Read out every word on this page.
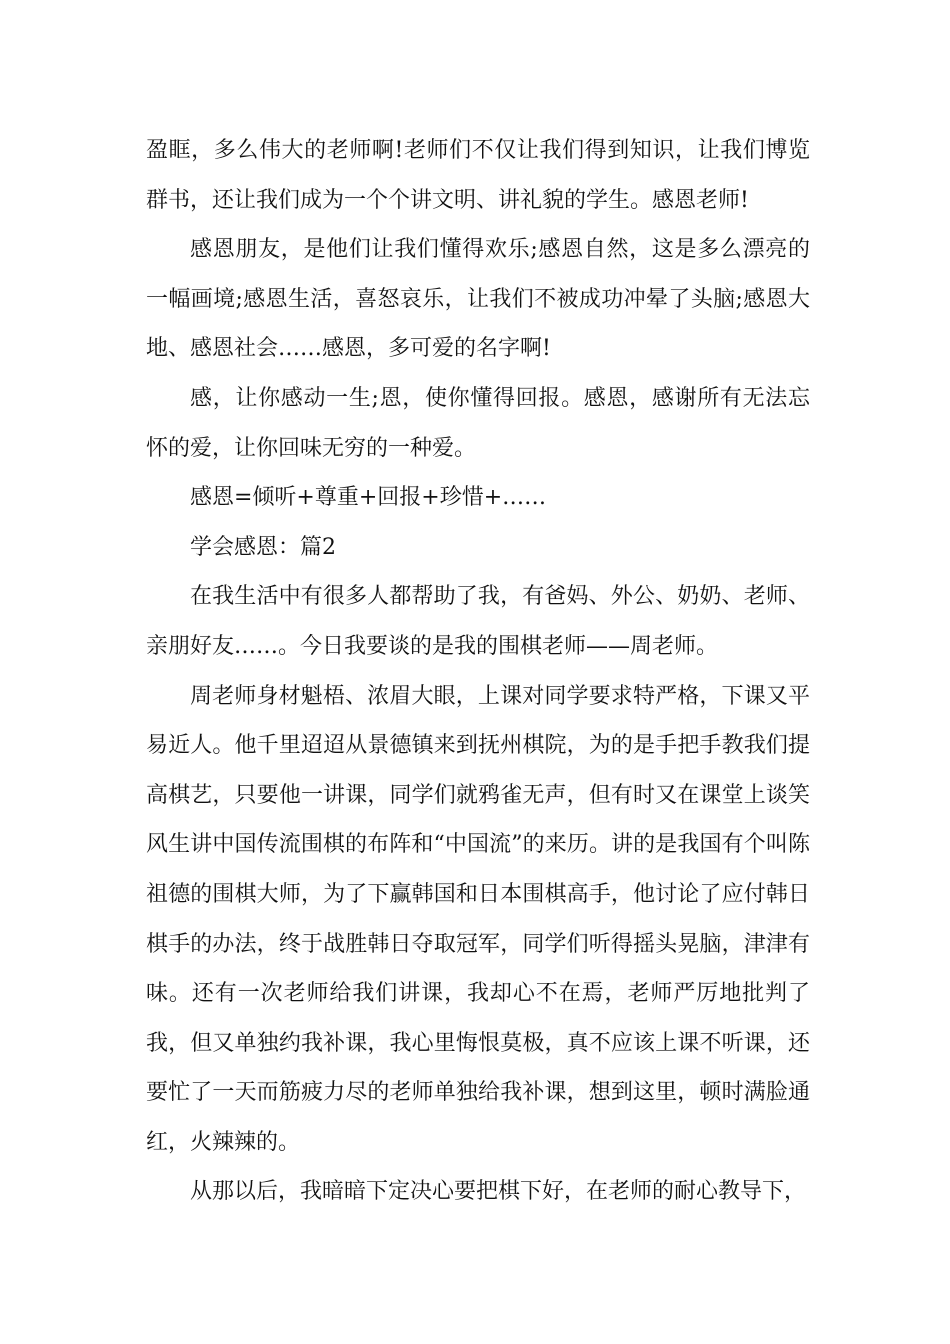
盈眶，多么伟大的老师啊!老师们不仅让我们得到知识，让我们博览群书，还让我们成为一个个讲文明、讲礼貌的学生。感恩老师!

感恩朋友，是他们让我们懂得欢乐;感恩自然，这是多么漂亮的一幅画境;感恩生活，喜怒哀乐，让我们不被成功冲晕了头脑;感恩大地、感恩社会……感恩，多可爱的名字啊!

感，让你感动一生;恩，使你懂得回报。感恩，感谢所有无法忘怀的爱，让你回味无穷的一种爱。

感恩=倾听+尊重+回报+珍惜+……

学会感恩：篇2

在我生活中有很多人都帮助了我，有爸妈、外公、奶奶、老师、亲朋好友……。今日我要谈的是我的围棋老师——周老师。

周老师身材魁梧、浓眉大眼，上课对同学要求特严格，下课又平易近人。他千里迢迢从景德镇来到抚州棋院，为的是手把手教我们提高棋艺，只要他一讲课，同学们就鸦雀无声，但有时又在课堂上谈笑风生讲中国传流围棋的布阵和“中国流”的来历。讲的是我国有个叫陈祖德的围棋大师，为了下赢韩国和日本围棋高手，他讨论了应付韩日棋手的办法，终于战胜韩日夺取冠军，同学们听得摇头晃脑，津津有味。还有一次老师给我们讲课，我却心不在焉，老师严厉地批判了我，但又单独约我补课，我心里悔恨莫极，真不应该上课不听课，还要忙了一天而筋疲力尽的老师单独给我补课，想到这里，顿时满脸通红，火辣辣的。

从那以后，我暗暗下定决心要把棋下好，在老师的耐心教导下，
